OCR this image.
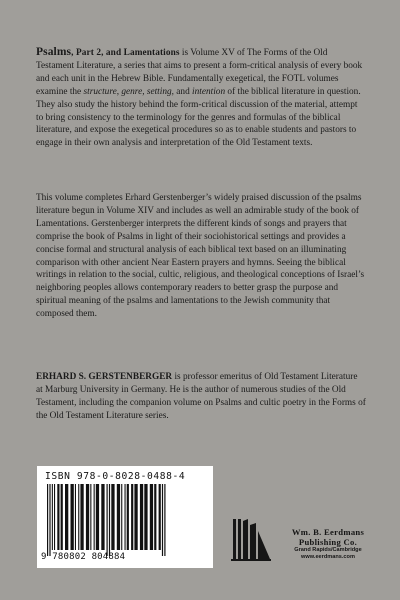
Psalms, Part 2, and Lamentations is Volume XV of The Forms of the Old Testament Literature, a series that aims to present a form-critical analysis of every book and each unit in the Hebrew Bible. Fundamentally exegetical, the FOTL volumes examine the structure, genre, setting, and intention of the biblical literature in question. They also study the history behind the form-critical discussion of the material, attempt to bring consistency to the terminology for the genres and formulas of the biblical literature, and expose the exegetical procedures so as to enable students and pastors to engage in their own analysis and interpretation of the Old Testament texts.
This volume completes Erhard Gerstenberger’s widely praised discussion of the psalms literature begun in Volume XIV and includes as well an admirable study of the book of Lamentations. Gerstenberger interprets the different kinds of songs and prayers that comprise the book of Psalms in light of their sociohistorical settings and provides a concise formal and structural analysis of each biblical text based on an illuminating comparison with other ancient Near Eastern prayers and hymns. Seeing the biblical writings in relation to the social, cultic, religious, and theological conceptions of Israel’s neighboring peoples allows contemporary readers to better grasp the purpose and spiritual meaning of the psalms and lamentations to the Jewish community that composed them.
ERHARD S. GERSTENBERGER is professor emeritus of Old Testament Literature at Marburg University in Germany. He is the author of numerous studies of the Old Testament, including the companion volume on Psalms and cultic poetry in the Forms of the Old Testament Literature series.
ISBN 978-0-8028-0488-4
9 780802 804884
Wm. B. Eerdmans
Publishing Co.
Grand Rapids/Cambridge
www.eerdmans.com
